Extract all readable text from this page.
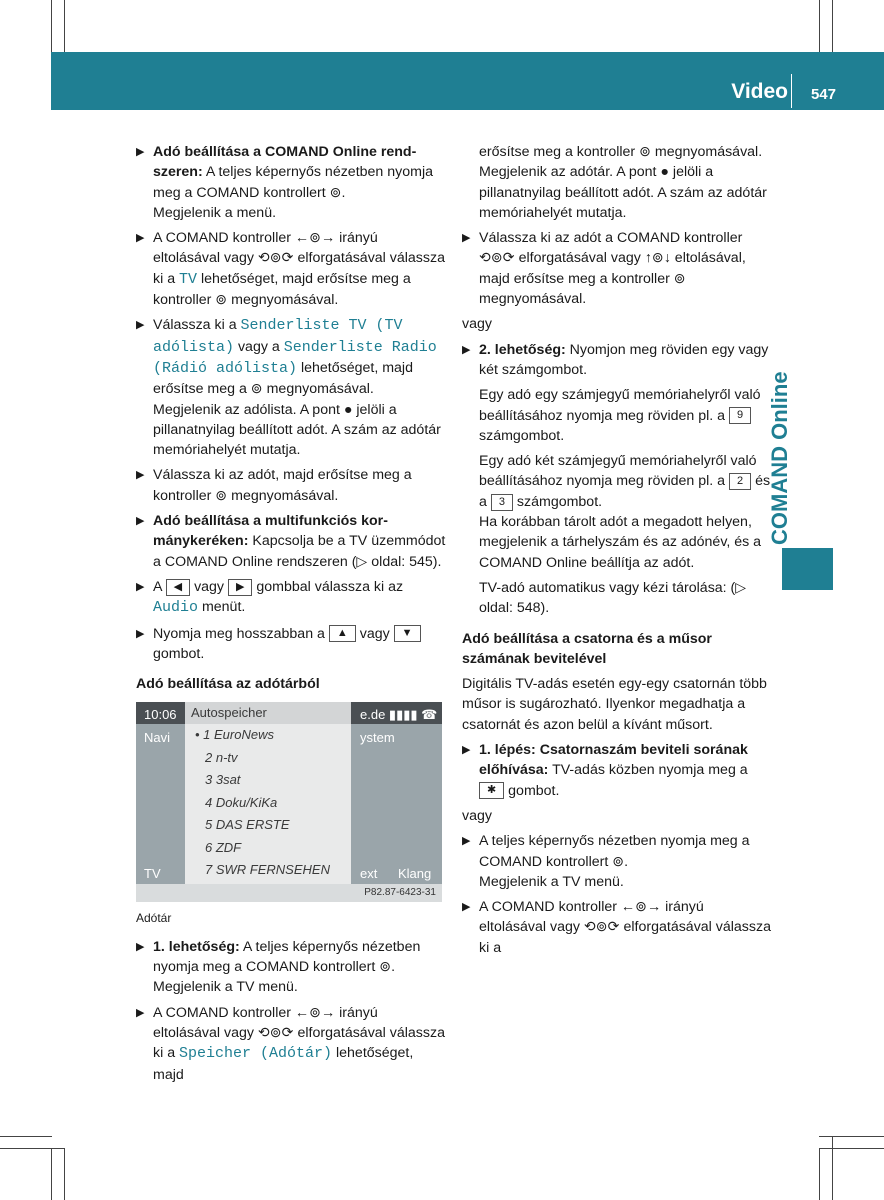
Video 547
COMAND Online
▶ Adó beállítása a COMAND Online rendszeren: A teljes képernyős nézetben nyomja meg a COMAND kontrollert ⊚.
Megjelenik a menü.
▶ A COMAND kontroller ←⊚→ irányú eltolásával vagy ⟲⊚⟳ elforgatásával válassza ki a TV lehetőséget, majd erősítse meg a kontroller ⊚ megnyomásával.
▶ Válassza ki a Senderliste TV (TV adólista) vagy a Senderliste Radio (Rádió adólista) lehetőséget, majd erősítse meg a ⊚ megnyomásával.
Megjelenik az adólista. A pont ● jelöli a pillanatnyilag beállított adót. A szám az adótár memóriahelyét mutatja.
▶ Válassza ki az adót, majd erősítse meg a kontroller ⊚ megnyomásával.
▶ Adó beállítása a multifunkciós kormánykeréken: Kapcsolja be a TV üzemmódot a COMAND Online rendszeren (▷ oldal: 545).
▶ A ◀ vagy ▶ gombbal válassza ki az Audio menüt.
▶ Nyomja meg hosszabban a ▲ vagy ▼ gombot.
Adó beállítása az adótárból
10:06	e.de ▮▮▮▮ ☎
Navi	ystem
TV	ext Klang
Autospeicher
• 1 EuroNews
2 n-tv
3 3sat
4 Doku/KiKa
5 DAS ERSTE
6 ZDF
7 SWR FERNSEHEN
P82.87-6423-31
Adótár
▶ 1. lehetőség: A teljes képernyős nézetben nyomja meg a COMAND kontrollert ⊚.
Megjelenik a TV menü.
▶ A COMAND kontroller ←⊚→ irányú eltolásával vagy ⟲⊚⟳ elforgatásával válassza ki a Speicher (Adótár) lehetőséget, majd

erősítse meg a kontroller ⊚ megnyomásával.
Megjelenik az adótár. A pont ● jelöli a pillanatnyilag beállított adót. A szám az adótár memóriahelyét mutatja.

▶ Válassza ki az adót a COMAND kontroller ⟲⊚⟳ elforgatásával vagy ↑⊚↓ eltolásával, majd erősítse meg a kontroller ⊚ megnyomásával.

vagy

▶ 2. lehetőség: Nyomjon meg röviden egy vagy két számgombot.

Egy adó egy számjegyű memóriahelyről való beállításához nyomja meg röviden pl. a 9 számgombot.

Egy adó két számjegyű memóriahelyről való beállításához nyomja meg röviden pl. a 2 és a 3 számgombot.
Ha korábban tárolt adót a megadott helyen, megjelenik a tárhelyszám és az adónév, és a COMAND Online beállítja az adót.

TV-adó automatikus vagy kézi tárolása: (▷ oldal: 548).

Adó beállítása a csatorna és a műsor számának bevitelével

Digitális TV-adás esetén egy-egy csatornán több műsor is sugározható. Ilyenkor megadhatja a csatornát és azon belül a kívánt műsort.

▶ 1. lépés: Csatornaszám beviteli sorának előhívása: TV-adás közben nyomja meg a ✱ gombot.

vagy

▶ A teljes képernyős nézetben nyomja meg a COMAND kontrollert ⊚.
Megjelenik a TV menü.
▶ A COMAND kontroller ←⊚→ irányú eltolásával vagy ⟲⊚⟳ elforgatásával válassza ki a
